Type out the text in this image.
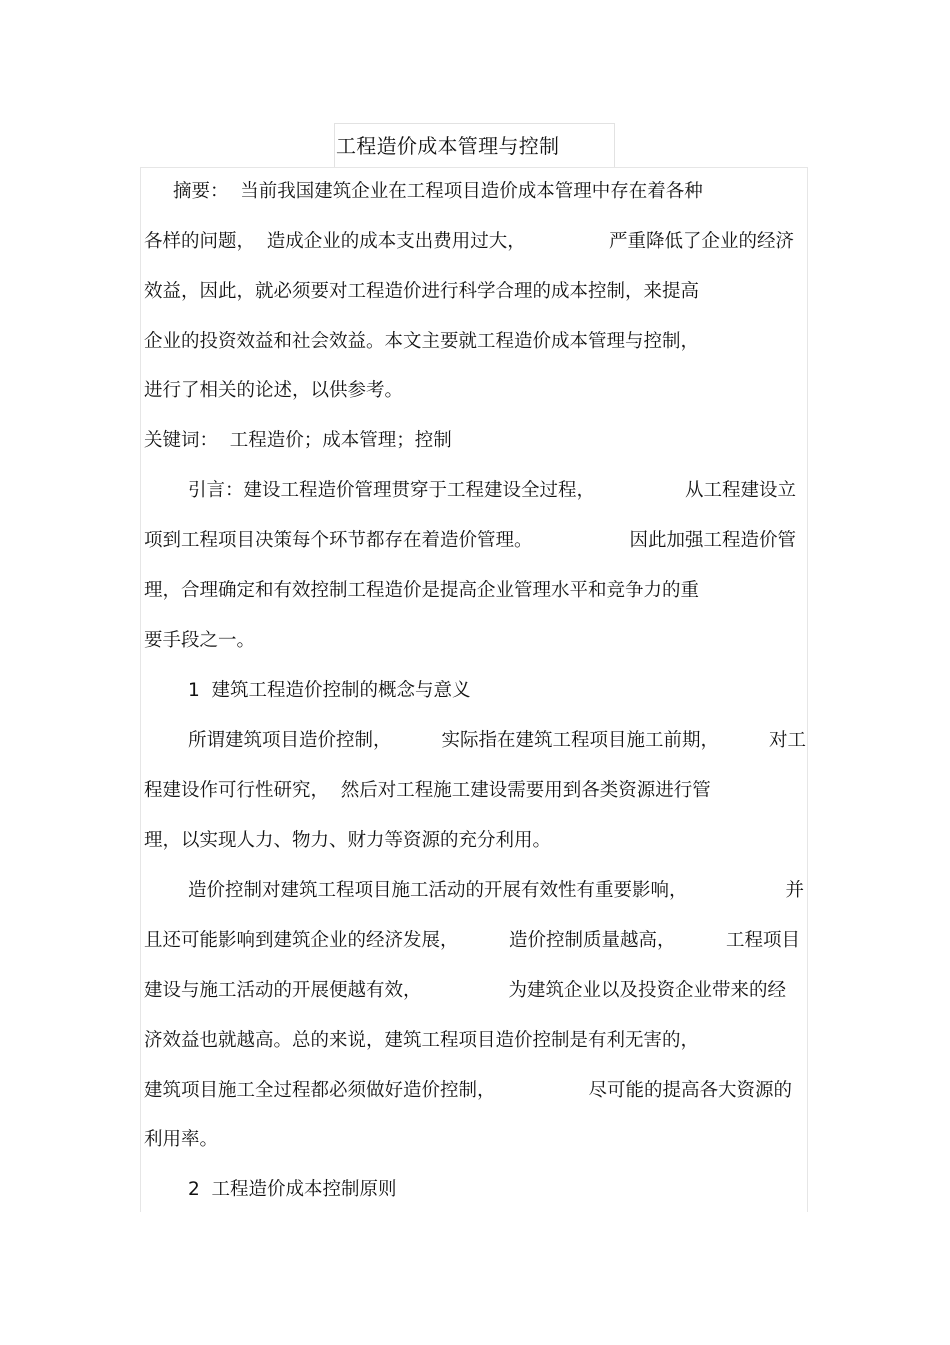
工程造价成本管理与控制
摘要：  当前我国建筑企业在工程项目造价成本管理中存在着各种
各样的问题，  造成企业的成本支出费用过大，	严重降低了企业的经济
效益，因此，就必须要对工程造价进行科学合理的成本控制，来提高
企业的投资效益和社会效益。本文主要就工程造价成本管理与控制，
进行了相关的论述，以供参考。
关键词：  工程造价；成本管理；控制
引言：建设工程造价管理贯穿于工程建设全过程，	从工程建设立
项到工程项目决策每个环节都存在着造价管理。	因此加强工程造价管
理，合理确定和有效控制工程造价是提高企业管理水平和竞争力的重
要手段之一。
1  建筑工程造价控制的概念与意义
所谓建筑项目造价控制，	实际指在建筑工程项目施工前期，	对工
程建设作可行性研究，  然后对工程施工建设需要用到各类资源进行管
理，以实现人力、物力、财力等资源的充分利用。
造价控制对建筑工程项目施工活动的开展有效性有重要影响，	并
且还可能影响到建筑企业的经济发展，	造价控制质量越高，	工程项目
建设与施工活动的开展便越有效，	为建筑企业以及投资企业带来的经
济效益也就越高。总的来说，建筑工程项目造价控制是有利无害的，
建筑项目施工全过程都必须做好造价控制，	尽可能的提高各大资源的
利用率。
2  工程造价成本控制原则
